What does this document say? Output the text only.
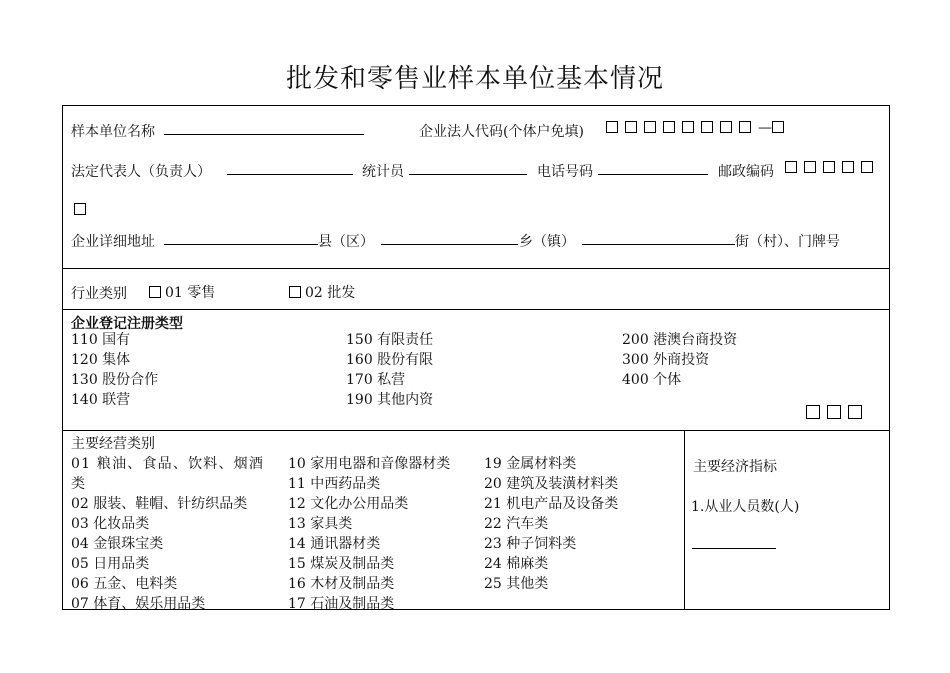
批发和零售业样本单位基本情况
样本单位名称	企业法人代码(个体户免填)	—
法定代表人（负责人）	统计员	电话号码	邮政编码
企业详细地址	县（区）	乡（镇）	街（村）、门牌号
行业类别	01 零售	02 批发
企业登记注册类型
110 国有
120 集体
130 股份合作
140 联营
150 有限责任
160 股份有限
170 私营
190 其他内资
200 港澳台商投资
300 外商投资
400 个体
主要经营类别
01 粮油、食品、饮料、烟酒
类
02 服装、鞋帽、针纺织品类
03 化妆品类
04 金银珠宝类
05 日用品类
06 五金、电料类
07 体育、娱乐用品类
10 家用电器和音像器材类
11 中西药品类
12 文化办公用品类
13 家具类
14 通讯器材类
15 煤炭及制品类
16 木材及制品类
17 石油及制品类
19 金属材料类
20 建筑及装潢材料类
21 机电产品及设备类
22 汽车类
23 种子饲料类
24 棉麻类
25 其他类
主要经济指标
1.从业人员数(人)
